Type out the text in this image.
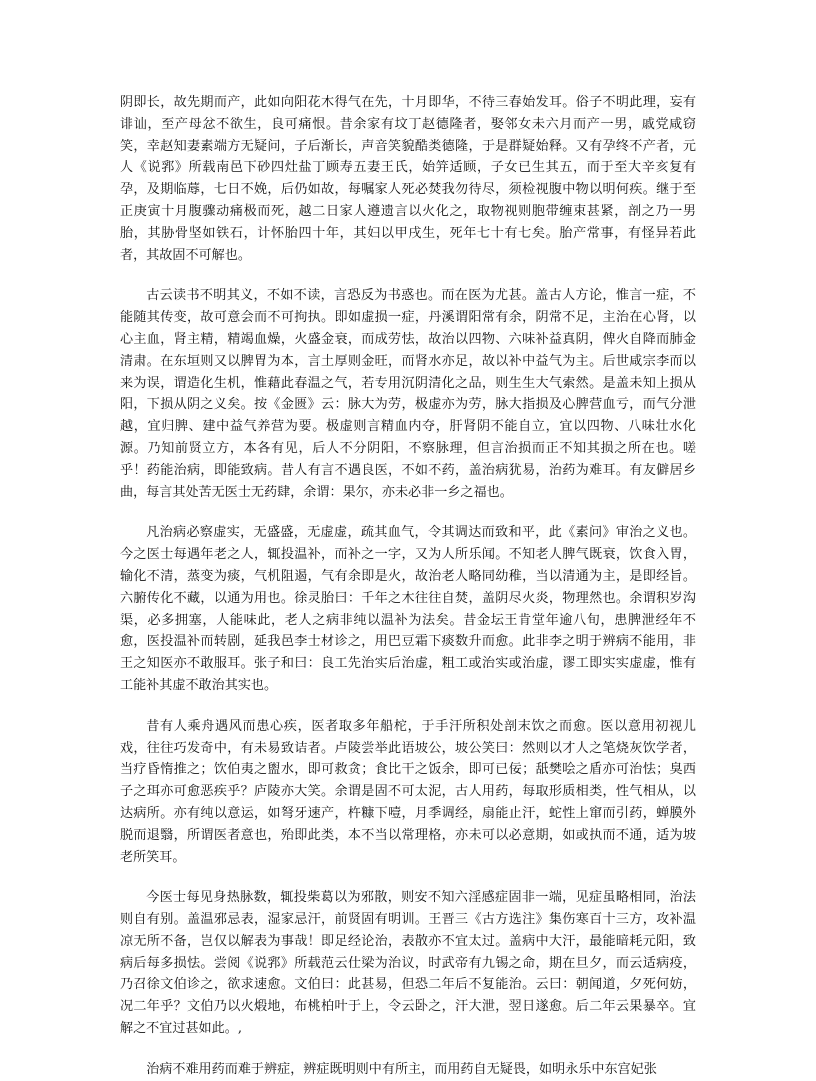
阴即长，故先期而产，此如向阳花木得气在先，十月即华，不待三春始发耳。俗子不明此理，妄有诽讪，至产母忿不欲生，良可痛恨。昔余家有坟丁赵德隆者，娶邻女未六月而产一男，戚党咸窃笑，幸赵知妻素端方无疑问，子后渐长，声音笑貌酷类德隆，于是群疑始释。又有孕终不产者，元人《说郛》所载南邑下砂四灶盐丁顾寿五妻王氏，始笄适顾，子女已生其五，而于至大辛亥复有孕，及期临蓐，七日不娩，后仍如故，每嘱家人死必焚我勿待尽，须检视腹中物以明何疾。继于至正庚寅十月腹骤动痛极而死，越二日家人遵遗言以火化之，取物视则胞带缠束甚紧，剖之乃一男胎，其胁骨坚如铁石，计怀胎四十年，其妇以甲戌生，死年七十有七矣。胎产常事，有怪异若此者，其故固不可解也。

古云读书不明其义，不如不读，言恐反为书惑也。而在医为尤甚。盖古人方论，惟言一症，不能随其传变，故可意会而不可拘执。即如虚损一症，丹溪谓阳常有余，阴常不足，主治在心肾，以心主血，肾主精，精竭血燥，火盛金衰，而成劳怯，故治以四物、六味补益真阴，俾火自降而肺金清肃。在东垣则又以脾胃为本，言土厚则金旺，而肾水亦足，故以补中益气为主。后世咸宗李而以来为误，谓造化生机，惟藉此春温之气，若专用沉阴清化之品，则生生大气索然。是盖未知上损从阳，下损从阴之义矣。按《金匮》云：脉大为劳，极虚亦为劳，脉大指损及心脾营血亏，而气分泄越，宜归脾、建中益气养营为要。极虚则言精血内夺，肝肾阴不能自立，宜以四物、八味壮水化源。乃知前贤立方，本各有见，后人不分阴阳，不察脉理，但言治损而正不知其损之所在也。嗟乎！药能治病，即能致病。昔人有言不遇良医，不如不药，盖治病犹易，治药为难耳。有友僻居乡曲，每言其处苦无医士无药肆，余谓：果尔，亦未必非一乡之福也。

凡治病必察虚实，无盛盛，无虚虚，疏其血气，令其调达而致和平，此《素问》审治之义也。今之医士每遇年老之人，辄投温补，而补之一字，又为人所乐闻。不知老人脾气既衰，饮食入胃，输化不清，蒸变为痰，气机阻遏，气有余即是火，故治老人略同幼稚，当以清通为主，是即经旨。六腑传化不藏，以通为用也。徐灵胎曰：千年之木往往自焚，盖阴尽火炎，物理然也。余谓积岁沟渠，必多拥塞，人能味此，老人之病非纯以温补为法矣。昔金坛王肯堂年逾八旬，患脾泄经年不愈，医投温补而转剧，延我邑李士材诊之，用巴豆霜下痰数升而愈。此非李之明于辨病不能用，非王之知医亦不敢服耳。张子和曰：良工先治实后治虚，粗工或治实或治虚，谬工即实实虚虚，惟有工能补其虚不敢治其实也。

昔有人乘舟遇风而患心疾，医者取多年船柁，于手汗所积处剖末饮之而愈。医以意用初视儿戏，往往巧发奇中，有未易致诘者。卢陵尝举此语坡公，坡公笑曰：然则以才人之笔烧灰饮学者，当疗昏惰推之；饮伯夷之盥水，即可救贪；食比干之饭余，即可已佞；舐樊哙之盾亦可治怯；臭西子之珥亦可愈恶疾乎？庐陵亦大笑。余谓是固不可太泥，古人用药，每取形质相类，性气相从，以达病所。亦有纯以意运，如弩牙速产，杵糠下噎，月季调经，扇能止汗，蛇性上窜而引药，蝉膜外脱而退翳，所谓医者意也，殆即此类，本不当以常理格，亦未可以必意期，如或执而不通，适为坡老所笑耳。

今医士每见身热脉数，辄投柴葛以为邪散，则安不知六淫感症固非一端，见症虽略相同，治法则自有别。盖温邪忌表，湿家忌汗，前贤固有明训。王晋三《古方选注》集伤寒百十三方，攻补温凉无所不备，岂仅以解表为事哉！即足经论治，表散亦不宜太过。盖病中大汗，最能暗耗元阳，致病后每多损怯。尝阅《说郛》所载范云仕梁为治议，时武帝有九锡之命，期在旦夕，而云适病疫，乃召徐文伯诊之，欲求速愈。文伯曰：此甚易，但恐二年后不复能治。云曰：朝闻道，夕死何妨，况二年乎？文伯乃以火煅地，布桃柏叶于上，令云卧之，汗大泄，翌日遂愈。后二年云果暴卒。宜解之不宜过甚如此。,

治病不难用药而难于辨症，辨症既明则中有所主，而用药自无疑畏，如明永乐中东宫妃张
